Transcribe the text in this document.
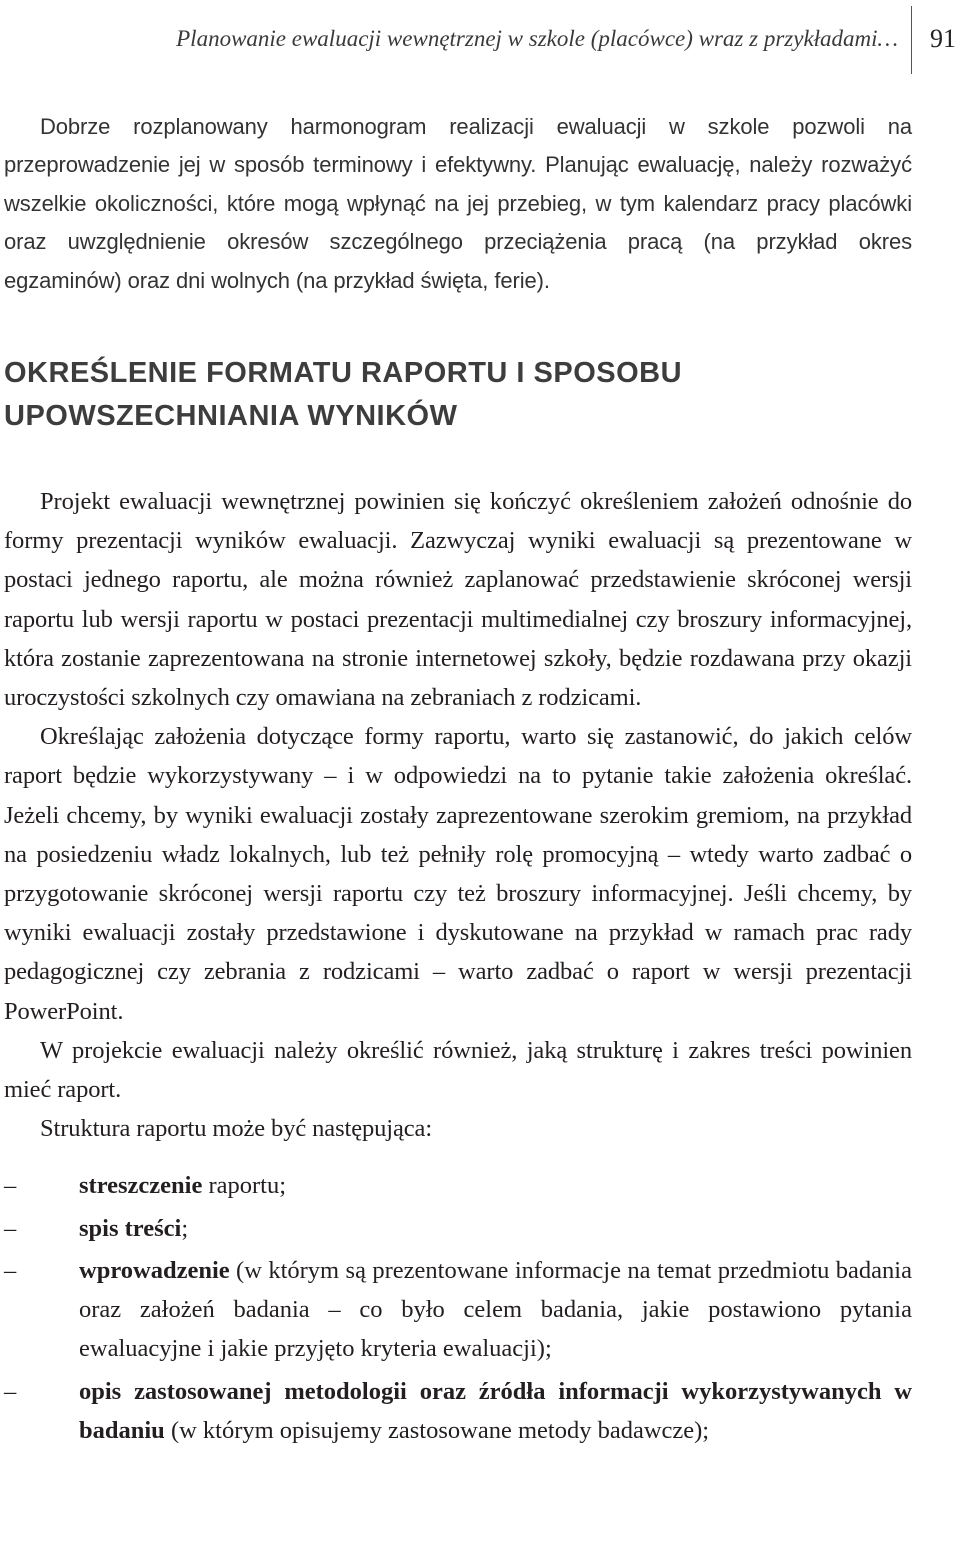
Planowanie ewaluacji wewnętrznej w szkole (placówce) wraz z przykładami… 91

Dobrze rozplanowany harmonogram realizacji ewaluacji w szkole pozwoli na przeprowadzenie jej w sposób terminowy i efektywny. Planując ewaluację, należy rozważyć wszelkie okoliczności, które mogą wpłynąć na jej przebieg, w tym kalendarz pracy placówki oraz uwzględnienie okresów szczególnego przeciążenia pracą (na przykład okres egzaminów) oraz dni wolnych (na przykład święta, ferie).

OKREŚLENIE FORMATU RAPORTU I SPOSOBU
UPOWSZECHNIANIA WYNIKÓW

Projekt ewaluacji wewnętrznej powinien się kończyć określeniem założeń odnośnie do formy prezentacji wyników ewaluacji. Zazwyczaj wyniki ewaluacji są prezentowane w postaci jednego raportu, ale można również zaplanować przedstawienie skróconej wersji raportu lub wersji raportu w postaci prezentacji multimedialnej czy broszury informacyjnej, która zostanie zaprezentowana na stronie internetowej szkoły, będzie rozdawana przy okazji uroczystości szkolnych czy omawiana na zebraniach z rodzicami.

Określając założenia dotyczące formy raportu, warto się zastanowić, do jakich celów raport będzie wykorzystywany – i w odpowiedzi na to pytanie takie założenia określać. Jeżeli chcemy, by wyniki ewaluacji zostały zaprezentowane szerokim gremiom, na przykład na posiedzeniu władz lokalnych, lub też pełniły rolę promocyjną – wtedy warto zadbać o przygotowanie skróconej wersji raportu czy też broszury informacyjnej. Jeśli chcemy, by wyniki ewaluacji zostały przedstawione i dyskutowane na przykład w ramach prac rady pedagogicznej czy zebrania z rodzicami – warto zadbać o raport w wersji prezentacji PowerPoint.

W projekcie ewaluacji należy określić również, jaką strukturę i zakres treści powinien mieć raport.

Struktura raportu może być następująca:

–	streszczenie raportu;
–	spis treści;
–	wprowadzenie (w którym są prezentowane informacje na temat przedmiotu badania oraz założeń badania – co było celem badania, jakie postawiono pytania ewaluacyjne i jakie przyjęto kryteria ewaluacji);
–	opis zastosowanej metodologii oraz źródła informacji wykorzystywanych w badaniu (w którym opisujemy zastosowane metody badawcze);
